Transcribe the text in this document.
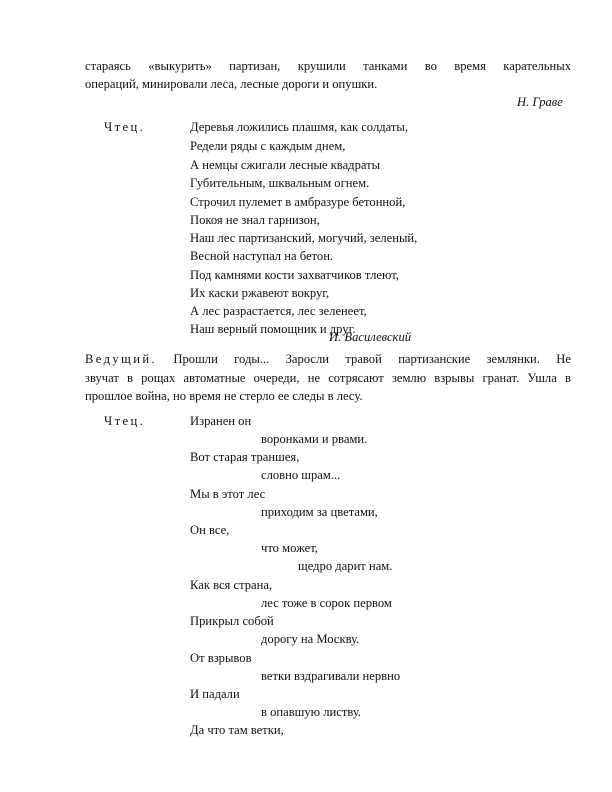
стараясь «выкурить» партизан, крушили танками во время карательных
операций, минировали леса, лесные дороги и опушки.
Н. Граве
Чтец.	Деревья ложились плашмя, как солдаты,
Редели ряды с каждым днем,
А немцы сжигали лесные квадраты
Губительным, шквальным огнем.
Строчил пулемет в амбразуре бетонной,
Покоя не знал гарнизон,
Наш лес партизанский, могучий, зеленый,
Весной наступал на бетон.
Под камнями кости захватчиков тлеют,
Их каски ржавеют вокруг,
А лес разрастается, лес зеленеет,
Наш верный помощник и друг.
И. Василевский
Ведущий. Прошли годы... Заросли травой партизанские землянки. Не
звучат в рощах автоматные очереди, не сотрясают землю взрывы гранат. Ушла в
прошлое война, но время не стерло ее следы в лесу.
Чтец.	Изранен он
воронками и рвами.
Вот старая траншея,
словно шрам...
Мы в этот лес
приходим за цветами,
Он все,
что может,
щедро дарит нам.
Как вся страна,
лес тоже в сорок первом
Прикрыл собой
дорогу на Москву.
От взрывов
ветки вздрагивали нервно
И падали
в опавшую листву.
Да что там ветки,
